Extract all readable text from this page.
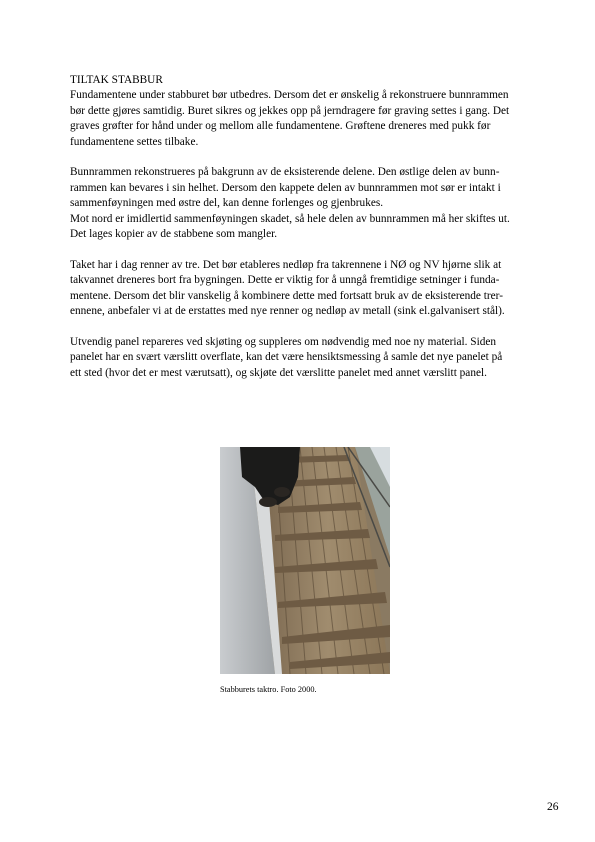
TILTAK STABBUR

Fundamentene under stabburet bør utbedres. Dersom det er ønskelig å rekonstruere bunnrammen
bør dette gjøres samtidig. Buret sikres og jekkes opp på jerndragere før graving settes i gang. Det
graves grøfter for hånd under og mellom alle fundamentene. Grøftene dreneres med pukk før
fundamentene settes tilbake.

Bunnrammen rekonstrueres på bakgrunn av de eksisterende delene. Den østlige delen av bunn-
rammen kan bevares i sin helhet. Dersom den kappete delen av bunnrammen mot sør er intakt i
sammenføyningen med østre del, kan denne forlenges og gjenbrukes.
Mot nord er imidlertid sammenføyningen skadet, så hele delen av bunnrammen må her skiftes ut.
Det lages kopier av de stabbene som mangler.

Taket har i dag renner av tre. Det bør etableres nedløp fra takrennene i NØ og NV hjørne slik at
takvannet dreneres bort fra bygningen. Dette er viktig for å unngå fremtidige setninger i funda-
mentene. Dersom det blir vanskelig å kombinere dette med fortsatt bruk av de eksisterende trer-
ennene, anbefaler vi at de erstattes med nye renner og nedløp av metall (sink el.galvanisert stål).

Utvendig panel repareres ved skjøting og suppleres om nødvendig med noe ny material. Siden
panelet har en svært værslitt overflate, kan det være hensiktsmessing å samle det nye panelet på
ett sted (hvor det er mest værutsatt), og skjøte det værslitte panelet med annet værslitt panel.

Stabburets taktro. Foto 2000.
26
